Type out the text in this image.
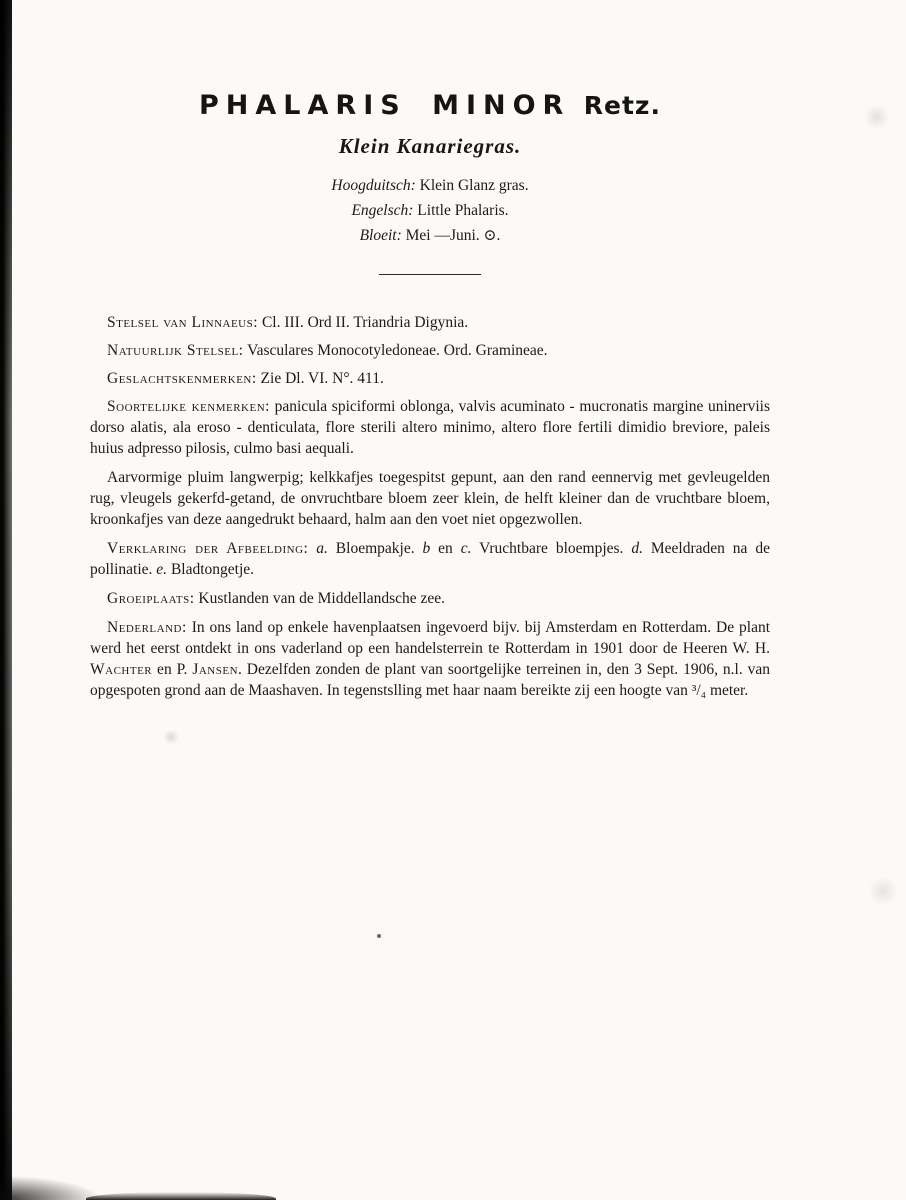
PHALARIS MINOR Retz.
Klein Kanariegras.
Hoogduitsch: Klein Glanz gras.
Engelsch: Little Phalaris.
Bloeit: Mei —Juni. ⊙.

Stelsel van Linnaeus: Cl. III. Ord II. Triandria Digynia.

Natuurlijk Stelsel: Vasculares Monocotyledoneae. Ord. Gramineae.

Geslachtskenmerken: Zie Dl. VI. N°. 411.

Soortelijke kenmerken: panicula spiciformi oblonga, valvis acuminato - mucronatis margine uninerviis dorso alatis, ala eroso - denticulata, flore sterili altero minimo, altero flore fertili dimidio breviore, paleis huius adpresso pilosis, culmo basi aequali.

Aarvormige pluim langwerpig; kelkkafjes toegespitst gepunt, aan den rand eennervig met gevleugelden rug, vleugels gekerfd-getand, de onvruchtbare bloem zeer klein, de helft kleiner dan de vruchtbare bloem, kroonkafjes van deze aangedrukt behaard, halm aan den voet niet opgezwollen.

Verklaring der Afbeelding: a. Bloempakje. b en c. Vruchtbare bloempjes. d. Meeldraden na de pollinatie. e. Bladtongetje.

Groeiplaats: Kustlanden van de Middellandsche zee.

Nederland: In ons land op enkele havenplaatsen ingevoerd bijv. bij Amsterdam en Rotterdam. De plant werd het eerst ontdekt in ons vaderland op een handelsterrein te Rotterdam in 1901 door de Heeren W. H. Wachter en P. Jansen. Dezelfden zonden de plant van soortgelijke terreinen in, den 3 Sept. 1906, n.l. van opgespoten grond aan de Maashaven. In tegenstslling met haar naam bereikte zij een hoogte van ³/₄ meter.
